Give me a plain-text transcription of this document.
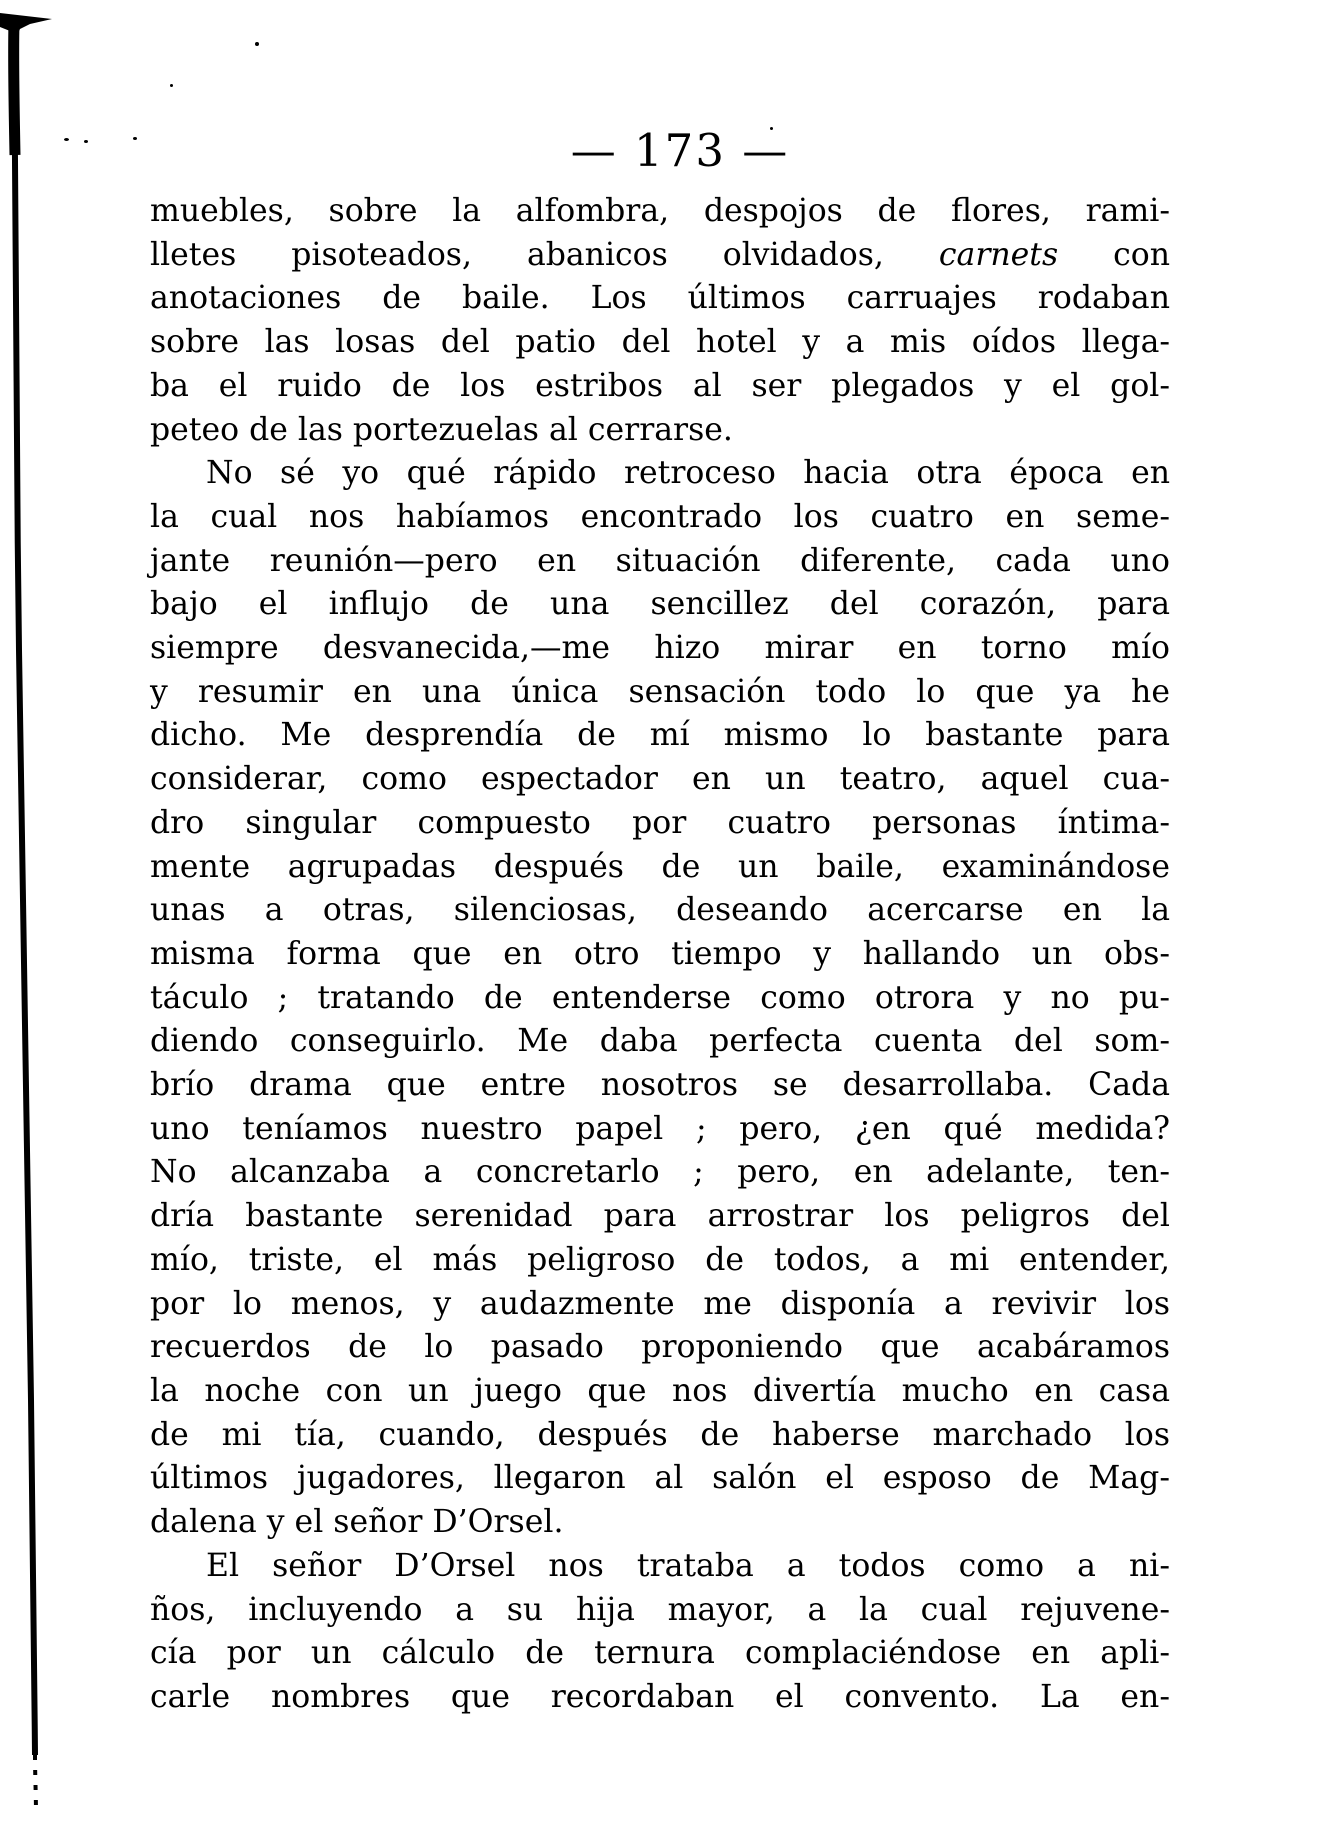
— 173 —
muebles, sobre la alfombra, despojos de flores, rami-
lletes pisoteados, abanicos olvidados, carnets con
anotaciones de baile. Los últimos carruajes rodaban
sobre las losas del patio del hotel y a mis oídos llega-
ba el ruido de los estribos al ser plegados y el gol-
peteo de las portezuelas al cerrarse.
No sé yo qué rápido retroceso hacia otra época en
la cual nos habíamos encontrado los cuatro en seme-
jante reunión—pero en situación diferente, cada uno
bajo el influjo de una sencillez del corazón, para
siempre desvanecida,—me hizo mirar en torno mío
y resumir en una única sensación todo lo que ya he
dicho. Me desprendía de mí mismo lo bastante para
considerar, como espectador en un teatro, aquel cua-
dro singular compuesto por cuatro personas íntima-
mente agrupadas después de un baile, examinándose
unas a otras, silenciosas, deseando acercarse en la
misma forma que en otro tiempo y hallando un obs-
táculo ; tratando de entenderse como otrora y no pu-
diendo conseguirlo. Me daba perfecta cuenta del som-
brío drama que entre nosotros se desarrollaba. Cada
uno teníamos nuestro papel ; pero, ¿en qué medida?
No alcanzaba a concretarlo ; pero, en adelante, ten-
dría bastante serenidad para arrostrar los peligros del
mío, triste, el más peligroso de todos, a mi entender,
por lo menos, y audazmente me disponía a revivir los
recuerdos de lo pasado proponiendo que acabáramos
la noche con un juego que nos divertía mucho en casa
de mi tía, cuando, después de haberse marchado los
últimos jugadores, llegaron al salón el esposo de Mag-
dalena y el señor D’Orsel.
El señor D’Orsel nos trataba a todos como a ni-
ños, incluyendo a su hija mayor, a la cual rejuvene-
cía por un cálculo de ternura complaciéndose en apli-
carle nombres que recordaban el convento. La en-
